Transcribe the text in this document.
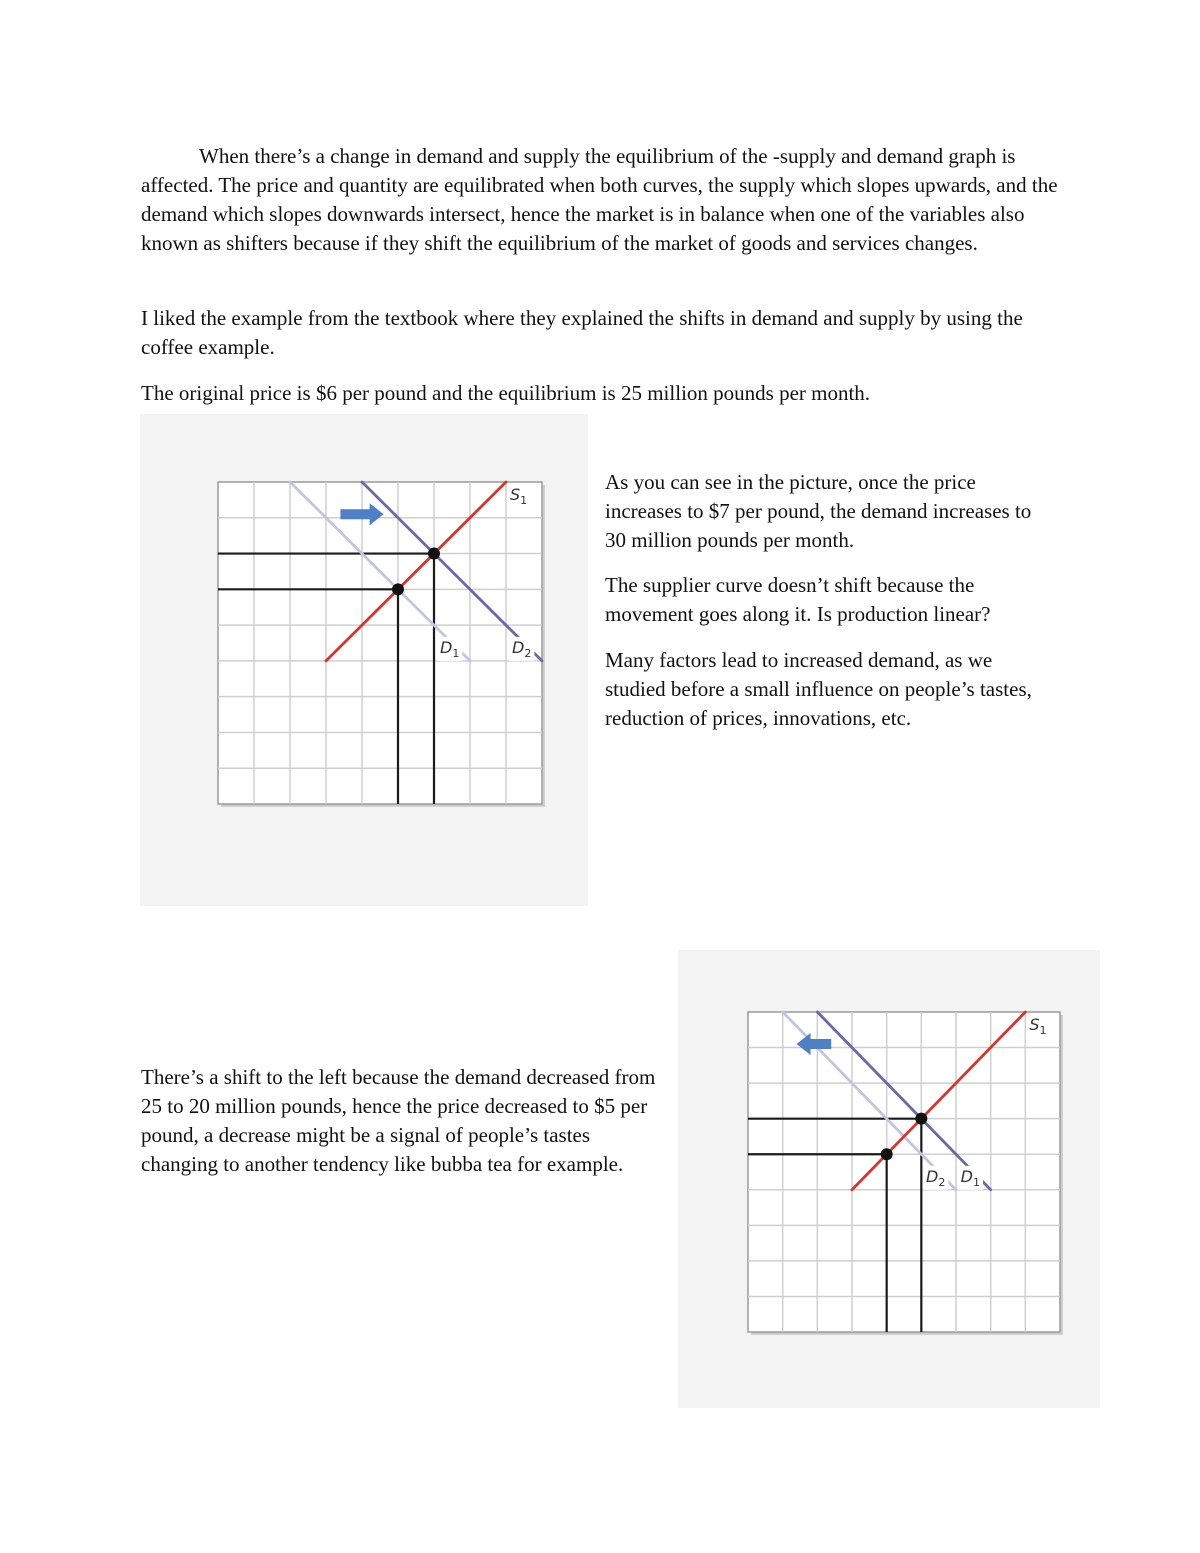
When there’s a change in demand and supply the equilibrium of the -supply and demand graph is affected. The price and quantity are equilibrated when both curves, the supply which slopes upwards, and the demand which slopes downwards intersect, hence the market is in balance when one of the variables also known as shifters because if they shift the equilibrium of the market of goods and services changes.

I liked the example from the textbook where they explained the shifts in demand and supply by using the coffee example.

The original price is $6 per pound and the equilibrium is 25 million pounds per month.

$S_1$
$D_1$	$D_2$

As you can see in the picture, once the price increases to $7 per pound, the demand increases to 30 million pounds per month.

The supplier curve doesn’t shift because the movement goes along it. Is production linear?

Many factors lead to increased demand, as we studied before a small influence on people’s tastes, reduction of prices, innovations, etc.

There’s a shift to the left because the demand decreased from 25 to 20 million pounds, hence the price decreased to $5 per pound, a decrease might be a signal of people’s tastes changing to another tendency like bubba tea for example.

$S_1$
$D_1$
$D_2$
